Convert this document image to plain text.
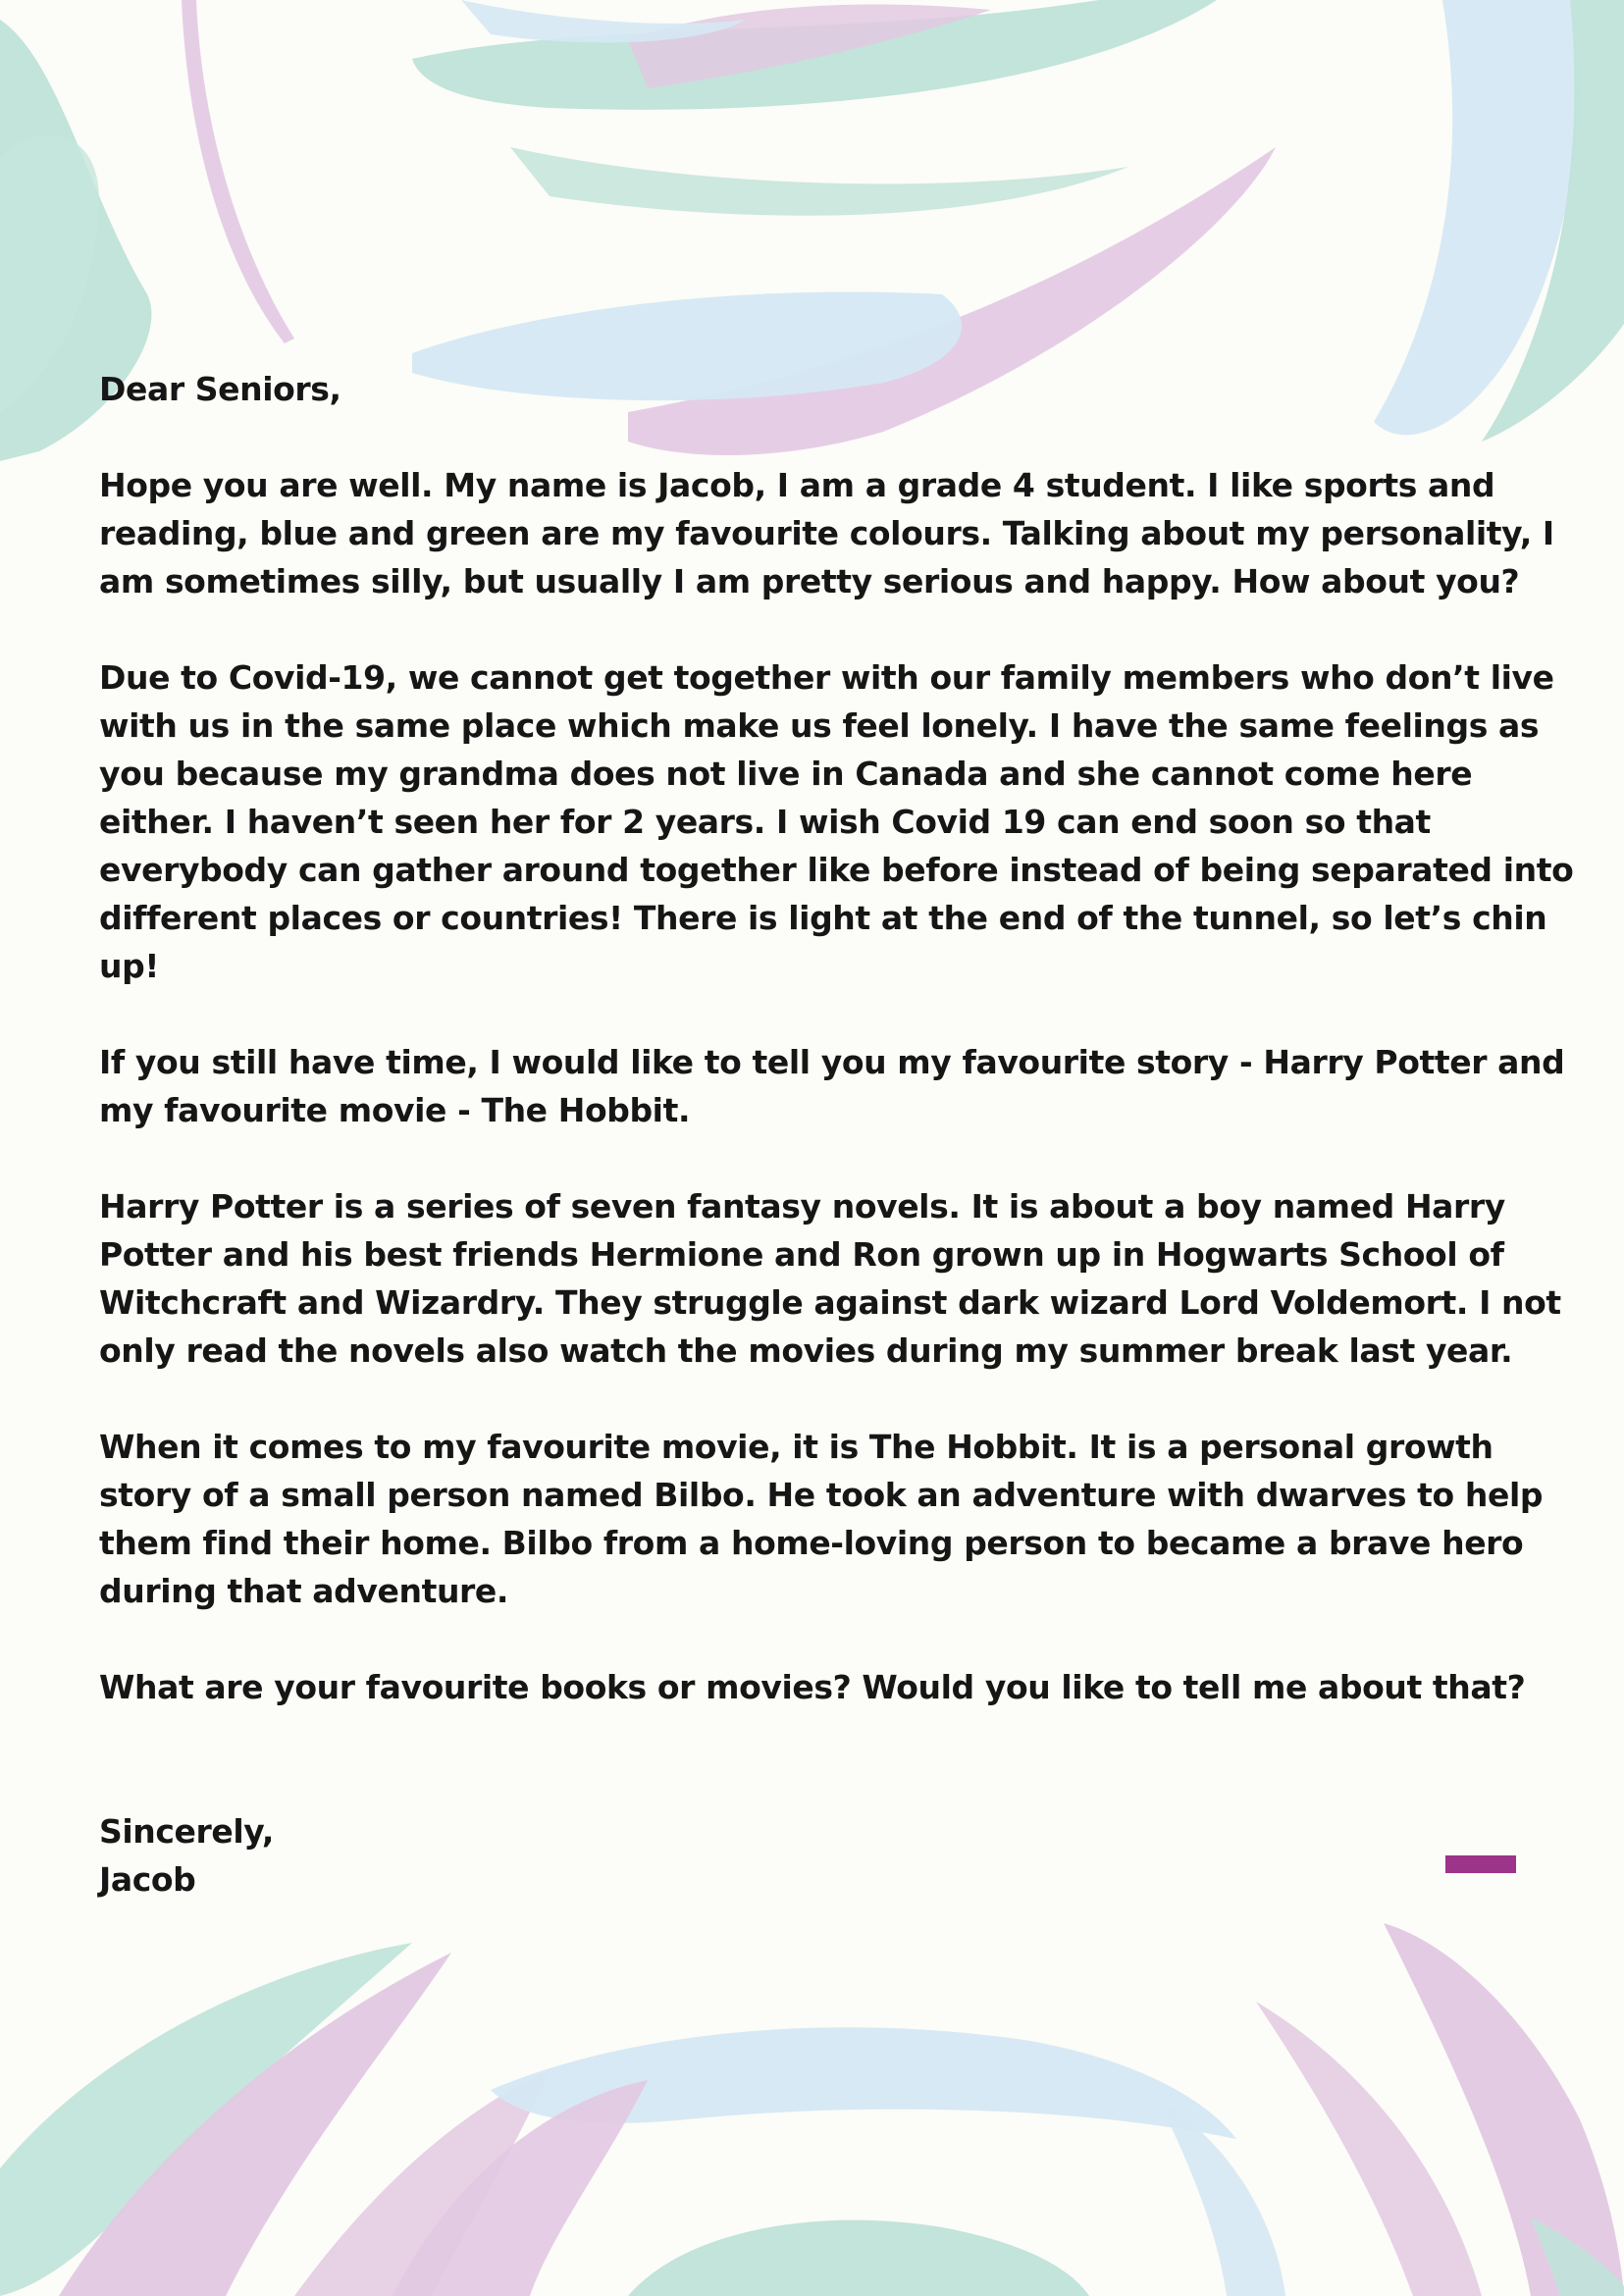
Dear Seniors,

Hope you are well. My name is Jacob, I am a grade 4 student. I like sports and reading, blue and green are my favourite colours. Talking about my personality, I am sometimes silly, but usually I am pretty serious and happy. How about you?

Due to Covid-19, we cannot get together with our family members who don’t live with us in the same place which make us feel lonely. I have the same feelings as you because my grandma does not live in Canada and she cannot come here either. I haven’t seen her for 2 years. I wish Covid 19 can end soon so that everybody can gather around together like before instead of being separated into different places or countries! There is light at the end of the tunnel, so let’s chin up!

If you still have time, I would like to tell you my favourite story - Harry Potter and my favourite movie - The Hobbit.

Harry Potter is a series of seven fantasy novels. It is about a boy named Harry Potter and his best friends Hermione and Ron grown up in Hogwarts School of Witchcraft and Wizardry. They struggle against dark wizard Lord Voldemort. I not only read the novels also watch the movies during my summer break last year.

When it comes to my favourite movie, it is The Hobbit. It is a personal growth story of a small person named Bilbo. He took an adventure with dwarves to help them find their home. Bilbo from a home-loving person to became a brave hero during that adventure.

What are your favourite books or movies? Would you like to tell me about that?

Sincerely,
Jacob
